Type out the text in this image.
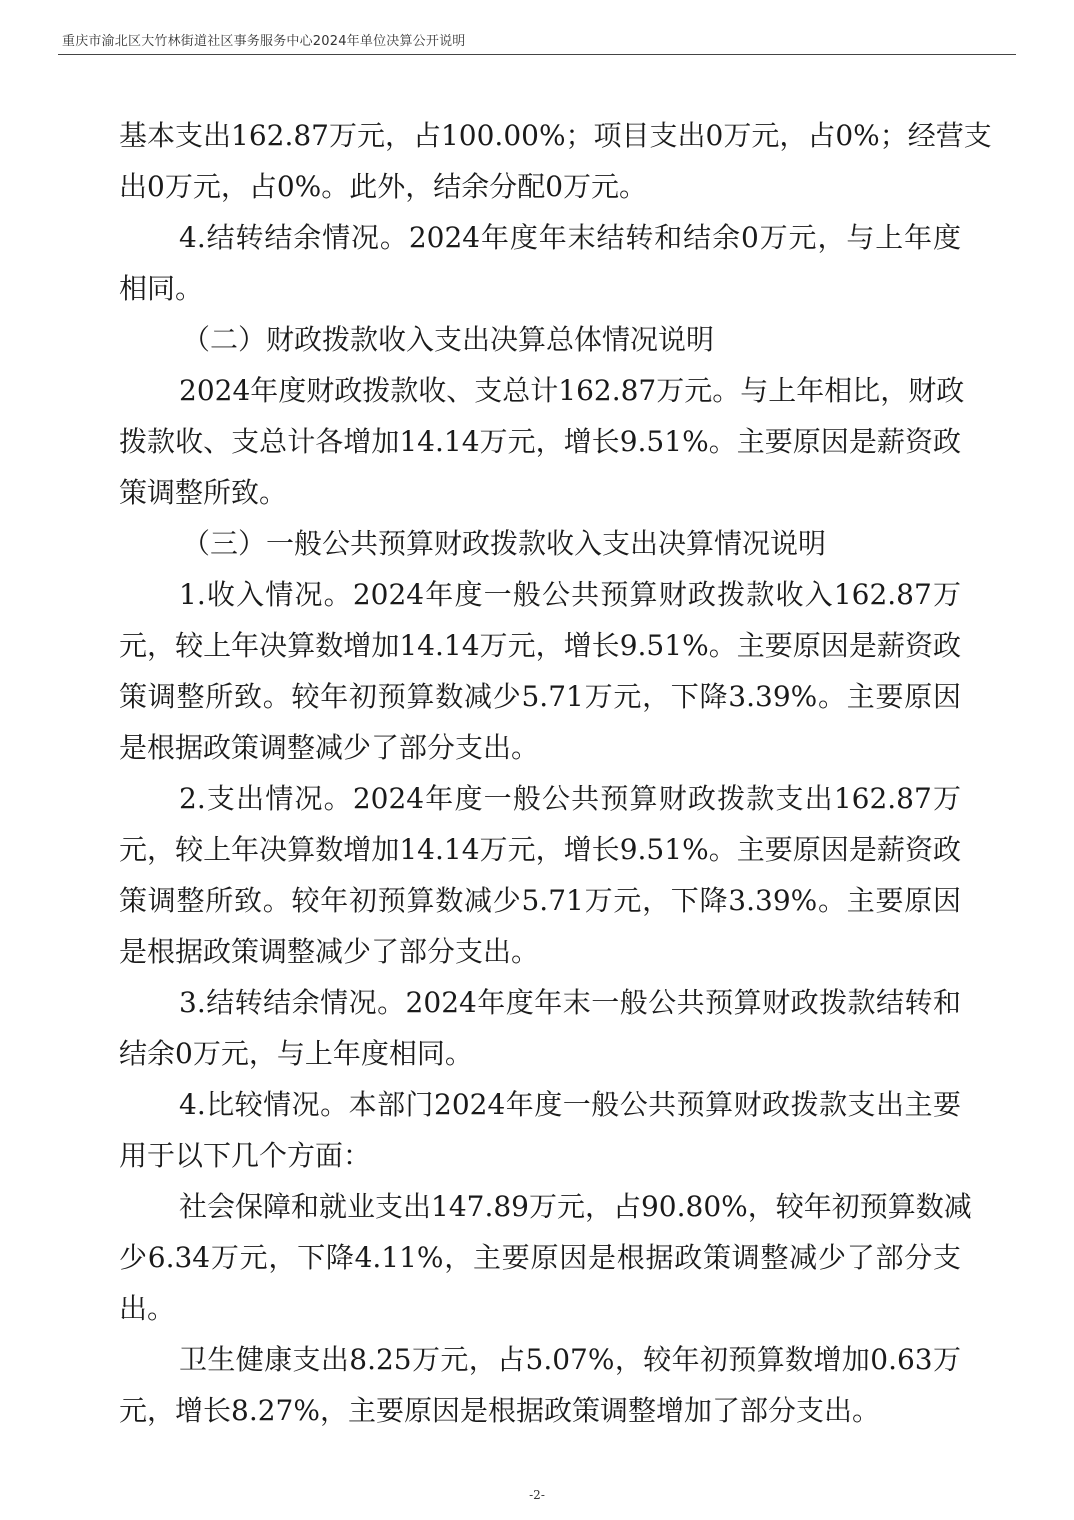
重庆市渝北区大竹林街道社区事务服务中心2024年单位决算公开说明
基本支出162.87万元，占100.00%；项目支出0万元，占0%；经营支
出0万元，占0%。此外，结余分配0万元。
4.结转结余情况。2024年度年末结转和结余0万元，与上年度
相同。
（二）财政拨款收入支出决算总体情况说明
2024年度财政拨款收、支总计162.87万元。与上年相比，财政
拨款收、支总计各增加14.14万元，增长9.51%。主要原因是薪资政
策调整所致。
（三）一般公共预算财政拨款收入支出决算情况说明
1.收入情况。2024年度一般公共预算财政拨款收入162.87万
元，较上年决算数增加14.14万元，增长9.51%。主要原因是薪资政
策调整所致。较年初预算数减少5.71万元，下降3.39%。主要原因
是根据政策调整减少了部分支出。
2.支出情况。2024年度一般公共预算财政拨款支出162.87万
元，较上年决算数增加14.14万元，增长9.51%。主要原因是薪资政
策调整所致。较年初预算数减少5.71万元，下降3.39%。主要原因
是根据政策调整减少了部分支出。
3.结转结余情况。2024年度年末一般公共预算财政拨款结转和
结余0万元，与上年度相同。
4.比较情况。本部门2024年度一般公共预算财政拨款支出主要
用于以下几个方面：
社会保障和就业支出147.89万元，占90.80%，较年初预算数减
少6.34万元，下降4.11%，主要原因是根据政策调整减少了部分支
出。
卫生健康支出8.25万元，占5.07%，较年初预算数增加0.63万
元，增长8.27%，主要原因是根据政策调整增加了部分支出。
-2-
